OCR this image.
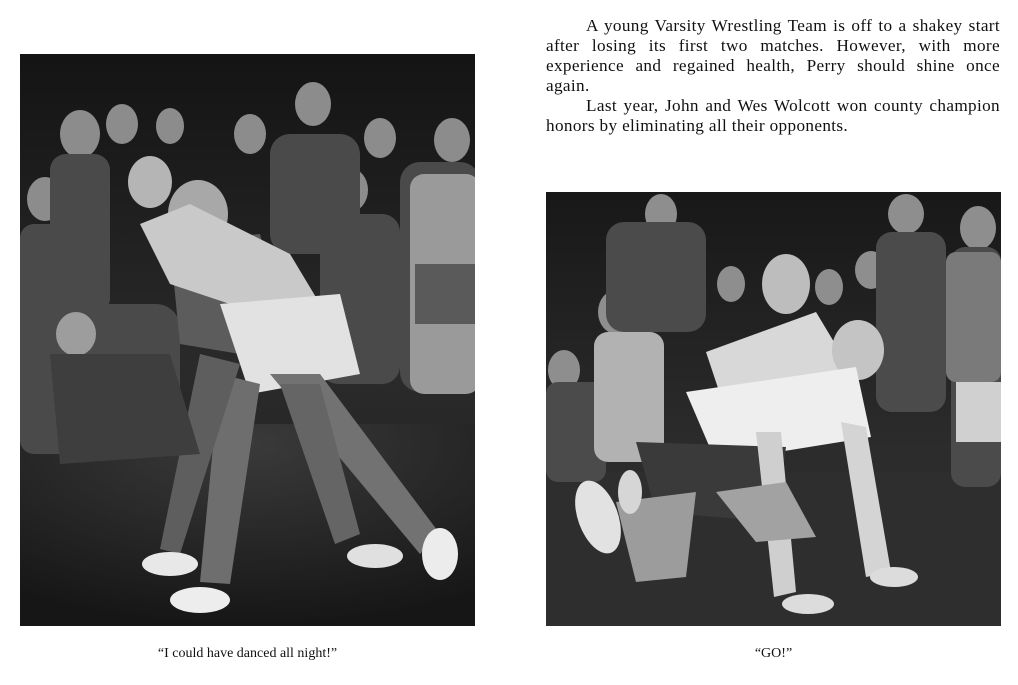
A young Varsity Wrestling Team is off to a shakey start after losing its first two matches. However, with more experience and regained health, Perry should shine once again.

Last year, John and Wes Wolcott won county champion honors by eliminating all their opponents.

“I could have danced all night!”	“GO!”
